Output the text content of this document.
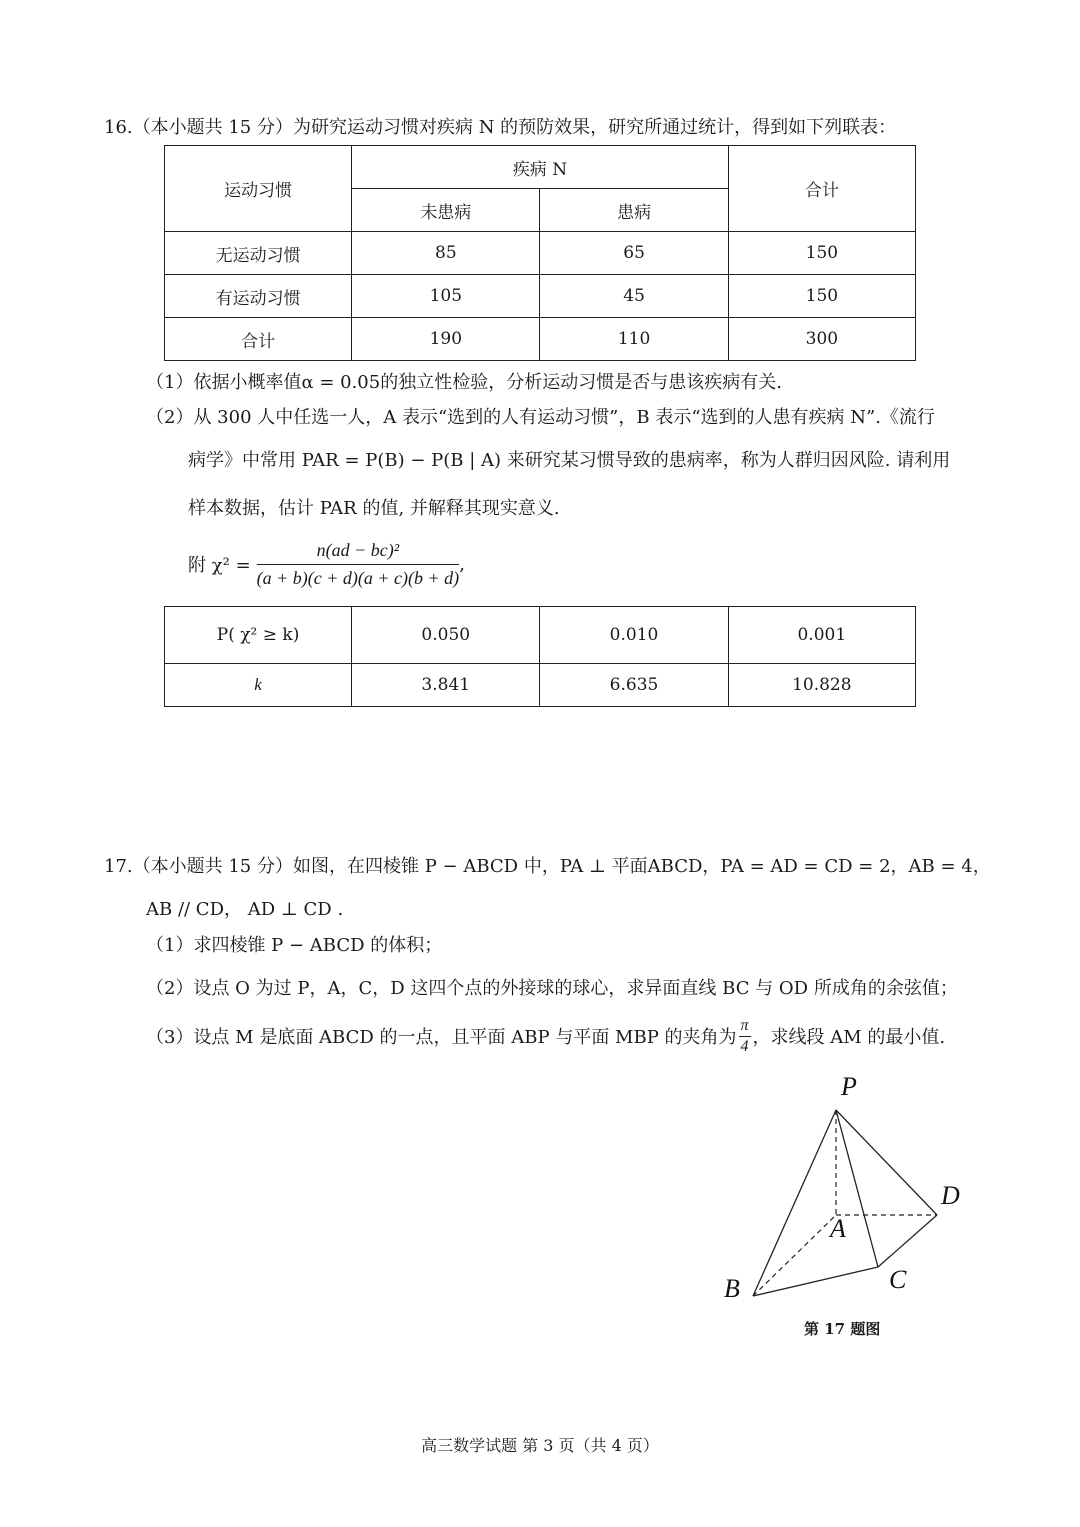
16.（本小题共 15 分）为研究运动习惯对疾病 N 的预防效果，研究所通过统计，得到如下列联表：
运动习惯	疾病 N		合计
	未患病	患病	
无运动习惯	85	65	150
有运动习惯	105	45	150
合计	190	110	300
（1）依据小概率值α = 0.05的独立性检验，分析运动习惯是否与患该疾病有关.
（2）从 300 人中任选一人，A 表示“选到的人有运动习惯”，B 表示“选到的人患有疾病 N”.《流行
病学》中常用 PAR = P(B) − P(B | A) 来研究某习惯导致的患病率，称为人群归因风险. 请利用
样本数据，估计 PAR 的值, 并解释其现实意义.
附 $\chi^2 = \frac{\text{n(ad − bc)²}}{(a + b)(c + d)(a + c)(b + d)}$ ,
P( χ² ≥ k)	0.050	0.010	0.001
k	3.841	6.635	10.828
17.（本小题共 15 分）如图，在四棱锥 P − ABCD 中，PA ⊥ 平面ABCD，PA = AD = CD = 2，AB = 4，
AB // CD， AD ⊥ CD .
（1）求四棱锥 P − ABCD 的体积；
（2）设点 O 为过 P，A，C，D 这四个点的外接球的球心，求异面直线 BC 与 OD 所成角的余弦值；
（3）设点 M 是底面 ABCD 的一点，且平面 ABP 与平面 MBP 的夹角为 $\frac{\pi}{4}$ ，求线段 AM 的最小值.
P
A
B	C
D
第 17 题图
高三数学试题 第 3 页（共 4 页）
